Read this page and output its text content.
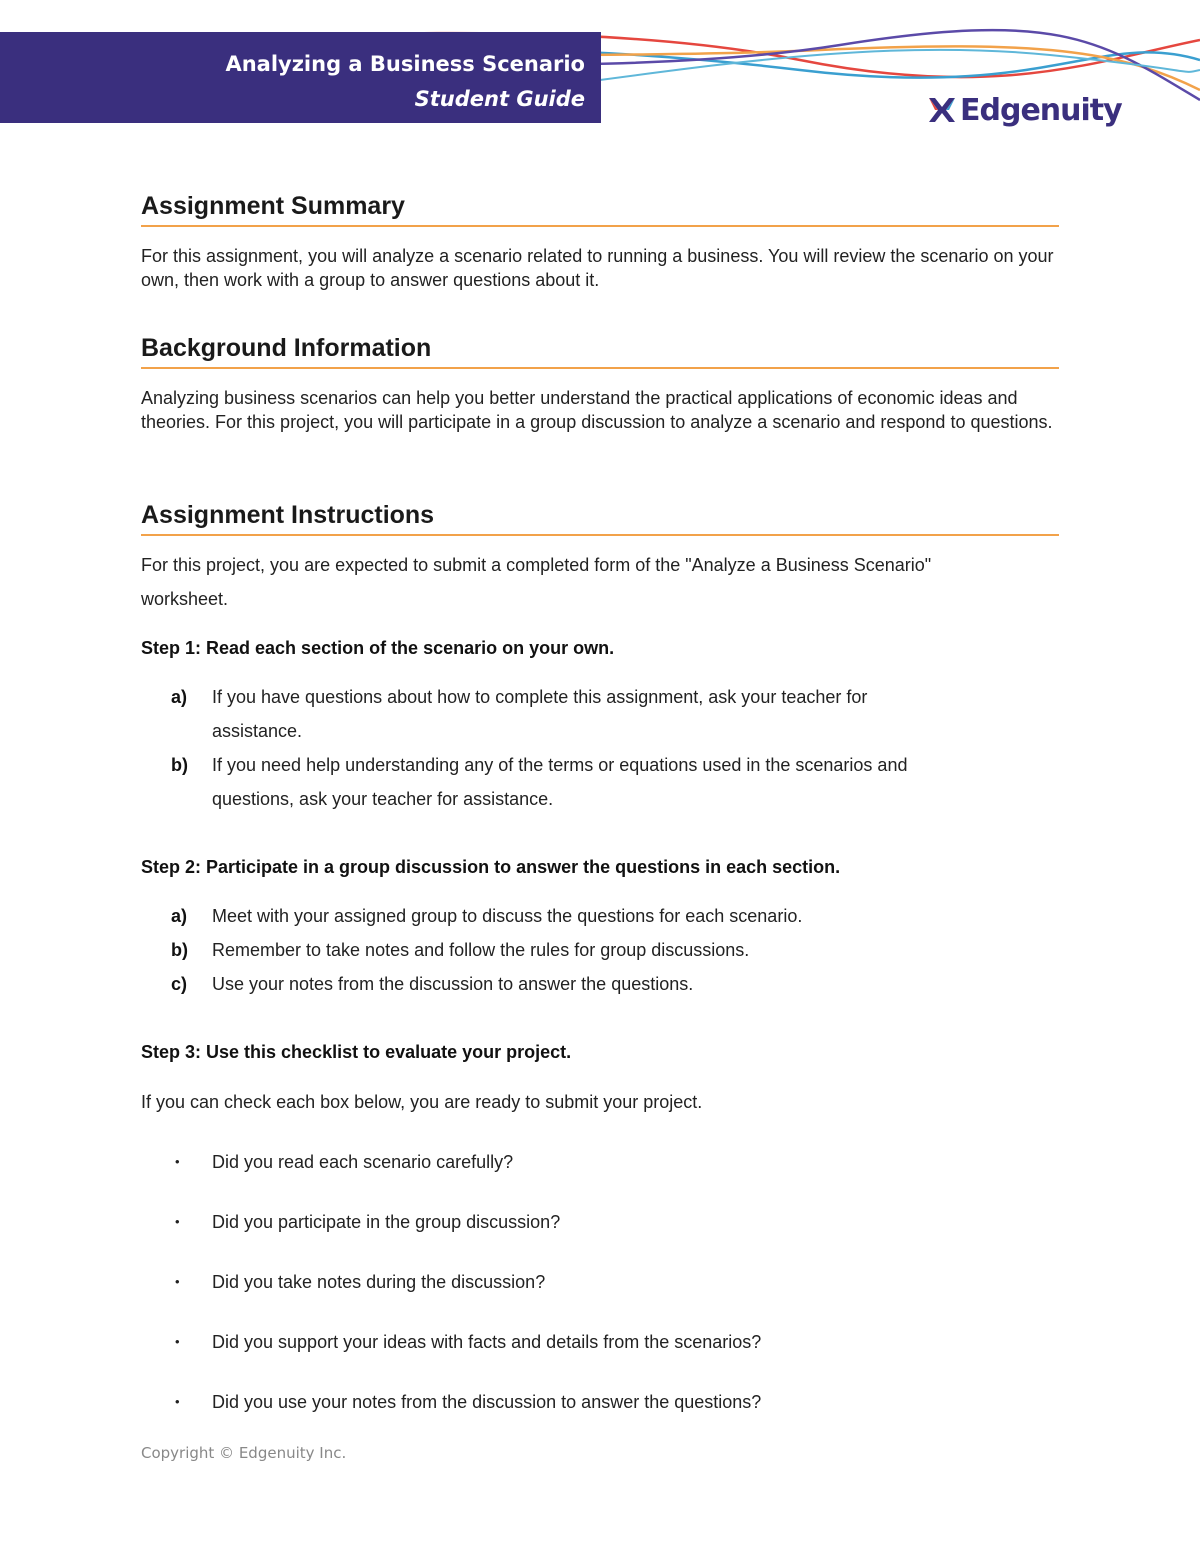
Analyzing a Business Scenario
Student Guide	Edgenuity
Assignment Summary

For this assignment, you will analyze a scenario related to running a business. You will review the scenario on your own, then work with a group to answer questions about it.

Background Information

Analyzing business scenarios can help you better understand the practical applications of economic ideas and theories. For this project, you will participate in a group discussion to analyze a scenario and respond to questions.

Assignment Instructions

For this project, you are expected to submit a completed form of the "Analyze a Business Scenario" worksheet.

Step 1: Read each section of the scenario on your own.
a) If you have questions about how to complete this assignment, ask your teacher for assistance.
b) If you need help understanding any of the terms or equations used in the scenarios and questions, ask your teacher for assistance.
Step 2: Participate in a group discussion to answer the questions in each section.
a) Meet with your assigned group to discuss the questions for each scenario.
b) Remember to take notes and follow the rules for group discussions.
c) Use your notes from the discussion to answer the questions.
Step 3: Use this checklist to evaluate your project.

If you can check each box below, you are ready to submit your project.

• Did you read each scenario carefully?
• Did you participate in the group discussion?
• Did you take notes during the discussion?
• Did you support your ideas with facts and details from the scenarios?
• Did you use your notes from the discussion to answer the questions?
Copyright © Edgenuity Inc.
